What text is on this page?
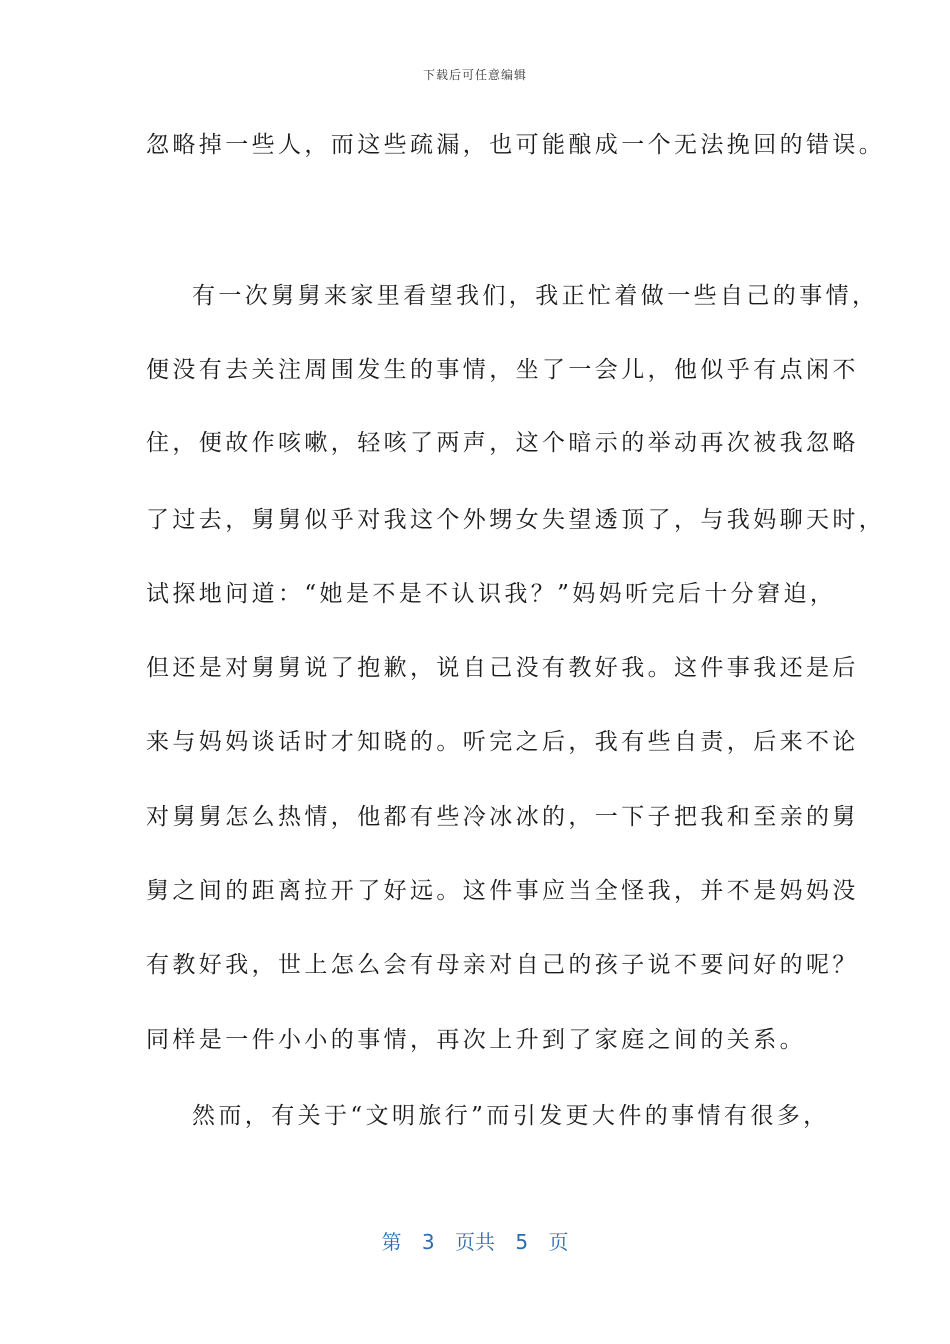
下载后可任意编辑
忽略掉一些人，而这些疏漏，也可能酿成一个无法挽回的错误。
有一次舅舅来家里看望我们，我正忙着做一些自己的事情，
便没有去关注周围发生的事情，坐了一会儿，他似乎有点闲不
住，便故作咳嗽，轻咳了两声，这个暗示的举动再次被我忽略
了过去，舅舅似乎对我这个外甥女失望透顶了，与我妈聊天时，
试探地问道：“她是不是不认识我？”妈妈听完后十分窘迫，
但还是对舅舅说了抱歉，说自己没有教好我。这件事我还是后
来与妈妈谈话时才知晓的。听完之后，我有些自责，后来不论
对舅舅怎么热情，他都有些冷冰冰的，一下子把我和至亲的舅
舅之间的距离拉开了好远。这件事应当全怪我，并不是妈妈没
有教好我，世上怎么会有母亲对自己的孩子说不要问好的呢？
同样是一件小小的事情，再次上升到了家庭之间的关系。
然而，有关于“文明旅行”而引发更大件的事情有很多，
第 3 页共 5 页
